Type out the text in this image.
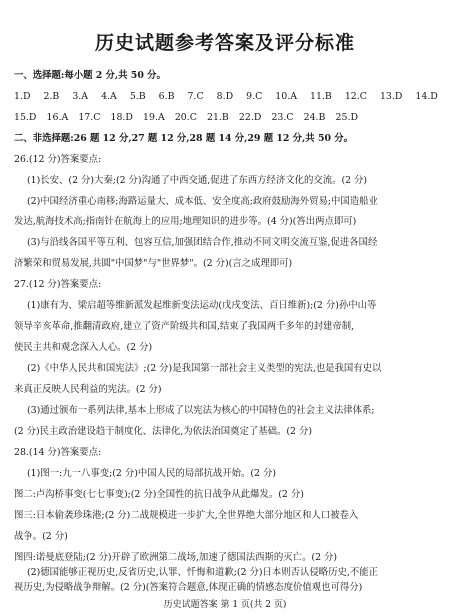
历史试题参考答案及评分标准
一、选择题:每小题 2 分,共 50 分。
1.D 2.B 3.A 4.A 5.B 6.B 7.C 8.D 9.C 10.A 11.B 12.C 13.D 14.D
15.D 16.A 17.C 18.D 19.A 20.C 21.B 22.D 23.C 24.B 25.D
二、非选择题:26 题 12 分,27 题 12 分,28 题 14 分,29 题 12 分,共 50 分。
26.(12 分)答案要点:
(1)长安、(2 分)大秦;(2 分)沟通了中西交通,促进了东西方经济文化的交流。(2 分)
(2)中国经济重心南移;海路运量大、成本低、安全度高;政府鼓励海外贸易;中国造船业
发达,航海技术高;指南针在航海上的应用;地理知识的进步等。(4 分)(答出两点即可)
(3)与沿线各国平等互利、包容互信,加强团结合作,推动不同文明交流互鉴,促进各国经
济繁荣和贸易发展,共圆"中国梦"与"世界梦"。(2 分)(言之成理即可)
27.(12 分)答案要点:
(1)康有为、梁启超等维新派发起维新变法运动(戊戌变法、百日维新);(2 分)孙中山等
领导辛亥革命,推翻清政府,建立了资产阶级共和国,结束了我国两千多年的封建帝制,
使民主共和观念深入人心。(2 分)
(2)《中华人民共和国宪法》;(2 分)是我国第一部社会主义类型的宪法,也是我国有史以
来真正反映人民利益的宪法。(2 分)
(3)通过颁布一系列法律,基本上形成了以宪法为核心的中国特色的社会主义法律体系;
(2 分)民主政治建设趋于制度化、法律化,为依法治国奠定了基础。(2 分)
28.(14 分)答案要点:
(1)图一:九一八事变;(2 分)中国人民的局部抗战开始。(2 分)
图二:卢沟桥事变(七七事变);(2 分)全国性的抗日战争从此爆发。(2 分)
图三:日本偷袭珍珠港;(2 分)二战规模进一步扩大,全世界绝大部分地区和人口被卷入
战争。(2 分)
图四:诺曼底登陆;(2 分)开辟了欧洲第二战场,加速了德国法西斯的灭亡。(2 分)
(2)德国能够正视历史,反省历史,认罪、忏悔和道歉;(2 分)日本则否认侵略历史,不能正
视历史,为侵略战争辩解。(2 分)(答案符合题意,体现正确的情感态度价值观也可得分)
历史试题答案 第 1 页(共 2 页)
